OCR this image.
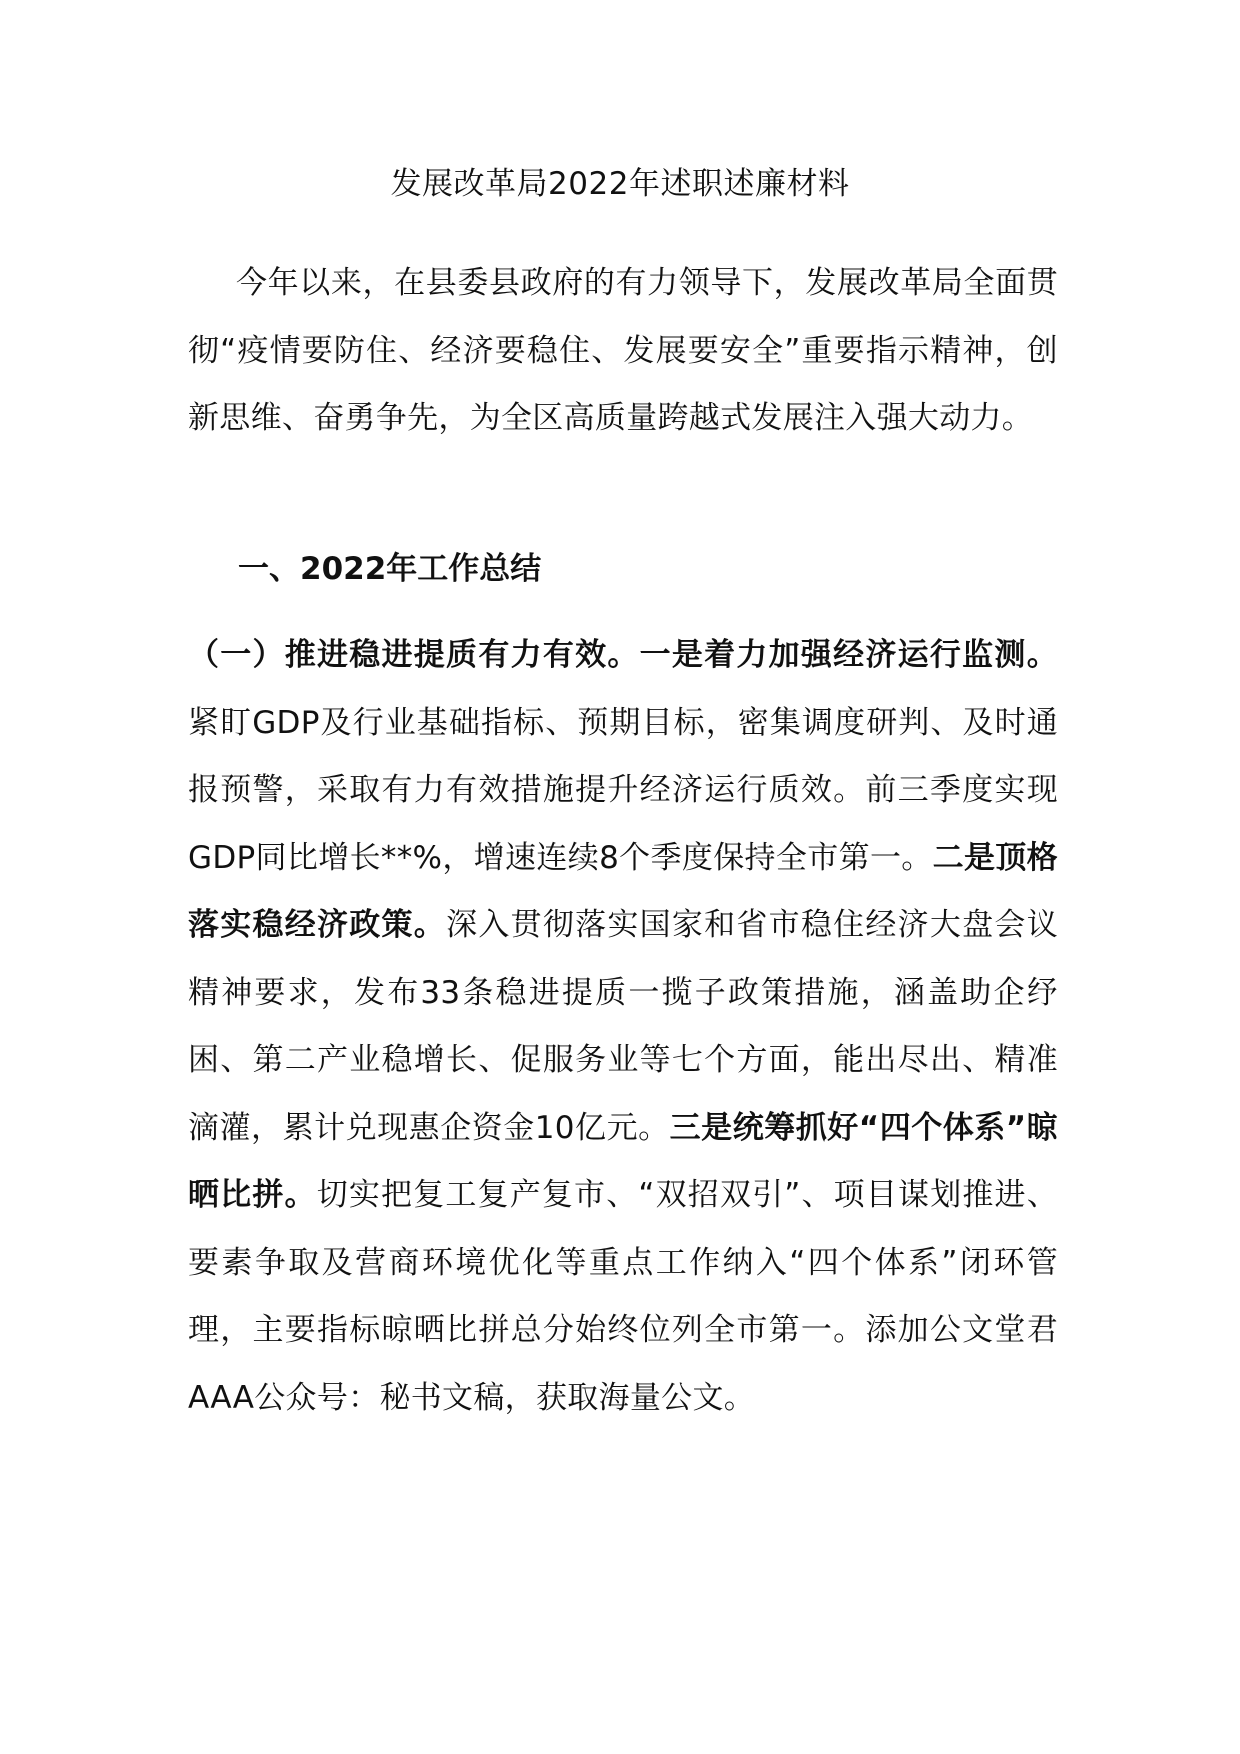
发展改革局2022年述职述廉材料

今年以来，在县委县政府的有力领导下，发展改革局全面贯彻“疫情要防住、经济要稳住、发展要安全”重要指示精神，创新思维、奋勇争先，为全区高质量跨越式发展注入强大动力。

一、2022年工作总结

（一）推进稳进提质有力有效。一是着力加强经济运行监测。紧盯GDP及行业基础指标、预期目标，密集调度研判、及时通报预警，采取有力有效措施提升经济运行质效。前三季度实现GDP同比增长**%，增速连续8个季度保持全市第一。二是顶格落实稳经济政策。深入贯彻落实国家和省市稳住经济大盘会议精神要求，发布33条稳进提质一揽子政策措施，涵盖助企纾困、第二产业稳增长、促服务业等七个方面，能出尽出、精准滴灌，累计兑现惠企资金10亿元。三是统筹抓好“四个体系”晾晒比拼。切实把复工复产复市、“双招双引”、项目谋划推进、要素争取及营商环境优化等重点工作纳入“四个体系”闭环管理，主要指标晾晒比拼总分始终位列全市第一。添加公文堂君AAA公众号：秘书文稿，获取海量公文。
